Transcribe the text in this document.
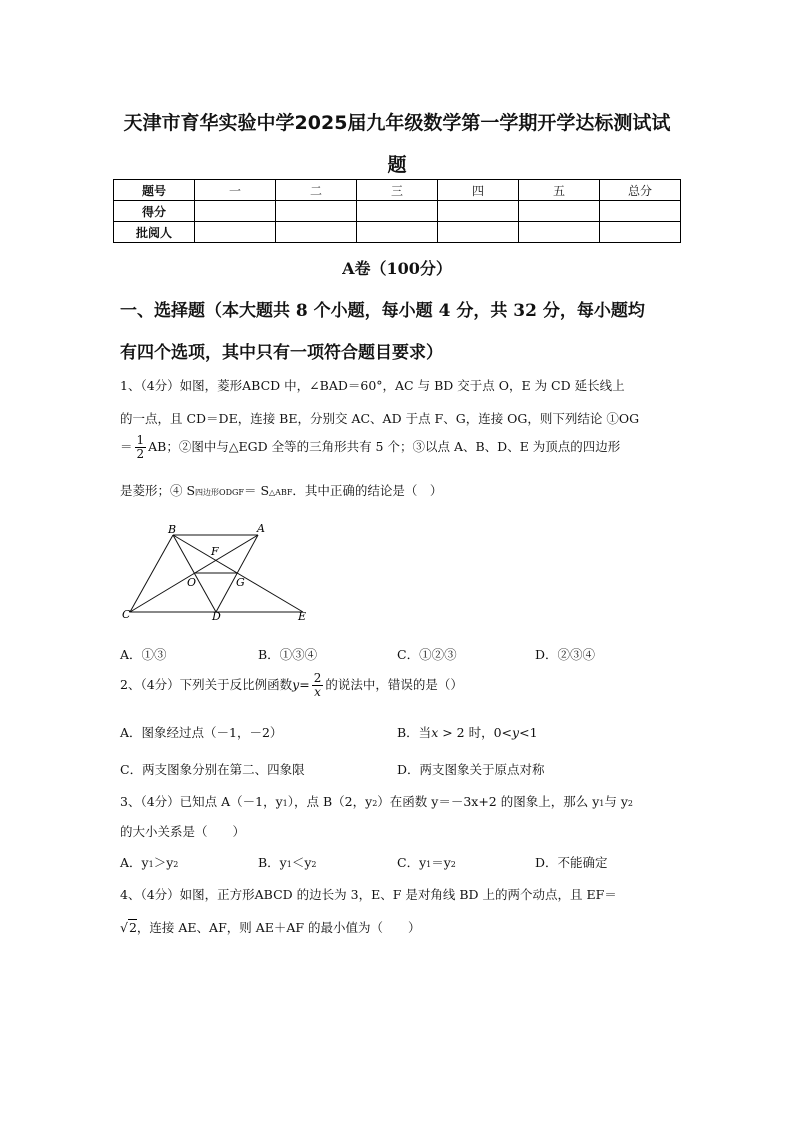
天津市育华实验中学2025届九年级数学第一学期开学达标测试试
题
题号	一	二	三	四	五	总分
得分						
批阅人						
A卷（100分）
一、选择题（本大题共 8 个小题，每小题 4 分，共 32 分，每小题均
有四个选项，其中只有一项符合题目要求）
1、（4分）如图，菱形ABCD 中，∠BAD＝60°，AC 与 BD 交于点 O，E 为 CD 延长线上
的一点，且 CD＝DE，连接 BE，分别交 AC、AD 于点 F、G，连接 OG，则下列结论 ①OG
＝ $\frac{1}{2}$ AB；②图中与△EGD 全等的三角形共有 5 个；③以点 A、B、D、E 为顶点的四边形
是菱形；④ S四边形ODGF＝ S△ABF．其中正确的结论是（　）
B	A
F
O	G
C	D	E
A．①③	B．①③④	C．①②③	D．②③④
2、（4分）下列关于反比例函数$y= \frac{2}{x}$ 的说法中，错误的是（）
A．图象经过点（－1，－2）	B．当x > 2 时，0<y<1
C．两支图象分别在第二、四象限	D．两支图象关于原点对称
3、（4分）已知点 A（－1，y1），点 B（2，y2）在函数 y＝－3x+2 的图象上，那么 y1与 y2
的大小关系是（　　）
A．y1＞y2	B．y1＜y2	C．y1＝y2	D．不能确定
4、（4分）如图，正方形ABCD 的边长为 3，E、F 是对角线 BD 上的两个动点，且 EF＝
√2，连接 AE、AF，则 AE＋AF 的最小值为（　　）
